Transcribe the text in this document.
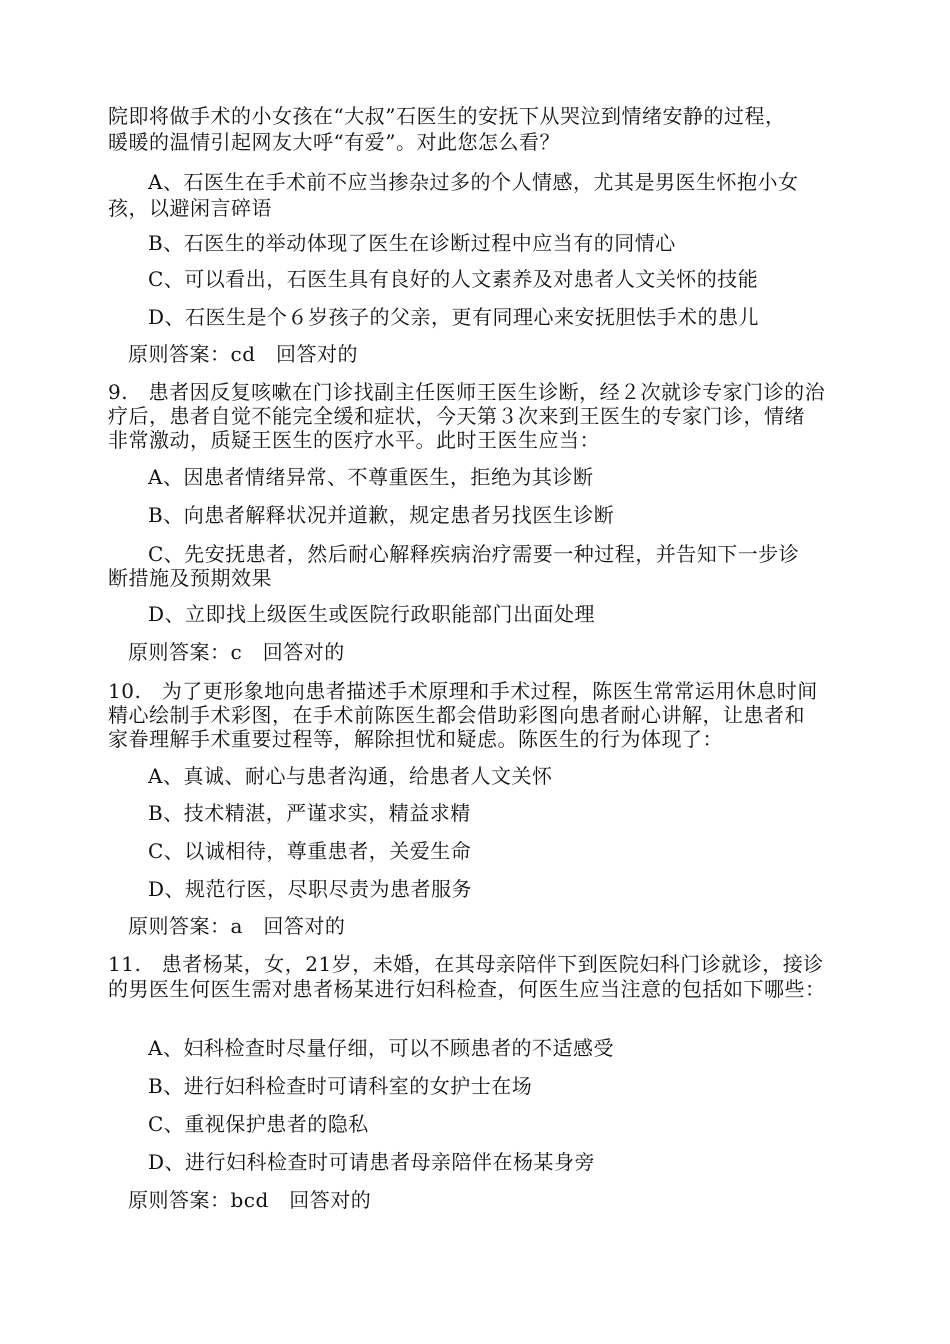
院即将做手术的小女孩在“大叔”石医生的安抚下从哭泣到情绪安静的过程，
暖暖的温情引起网友大呼“有爱”。对此您怎么看？
A、石医生在手术前不应当掺杂过多的个人情感，尤其是男医生怀抱小女
孩，以避闲言碎语
B、石医生的举动体现了医生在诊断过程中应当有的同情心
C、可以看出，石医生具有良好的人文素养及对患者人文关怀的技能
D、石医生是个６岁孩子的父亲，更有同理心来安抚胆怯手术的患儿
原则答案：cd　回答对的
9.　患者因反复咳嗽在门诊找副主任医师王医生诊断，经２次就诊专家门诊的治
疗后，患者自觉不能完全缓和症状，今天第３次来到王医生的专家门诊，情绪
非常激动，质疑王医生的医疗水平。此时王医生应当：
A、因患者情绪异常、不尊重医生，拒绝为其诊断
B、向患者解释状况并道歉，规定患者另找医生诊断
C、先安抚患者，然后耐心解释疾病治疗需要一种过程，并告知下一步诊
断措施及预期效果
D、立即找上级医生或医院行政职能部门出面处理
原则答案：c　回答对的
10.　为了更形象地向患者描述手术原理和手术过程，陈医生常常运用休息时间
精心绘制手术彩图，在手术前陈医生都会借助彩图向患者耐心讲解，让患者和
家眷理解手术重要过程等，解除担忧和疑虑。陈医生的行为体现了：
A、真诚、耐心与患者沟通，给患者人文关怀
B、技术精湛，严谨求实，精益求精
C、以诚相待，尊重患者，关爱生命
D、规范行医，尽职尽责为患者服务
原则答案：a　回答对的
11.　患者杨某，女，21岁，未婚，在其母亲陪伴下到医院妇科门诊就诊，接诊
的男医生何医生需对患者杨某进行妇科检查，何医生应当注意的包括如下哪些：
A、妇科检查时尽量仔细，可以不顾患者的不适感受
B、进行妇科检查时可请科室的女护士在场
C、重视保护患者的隐私
D、进行妇科检查时可请患者母亲陪伴在杨某身旁
原则答案：bcd　回答对的
